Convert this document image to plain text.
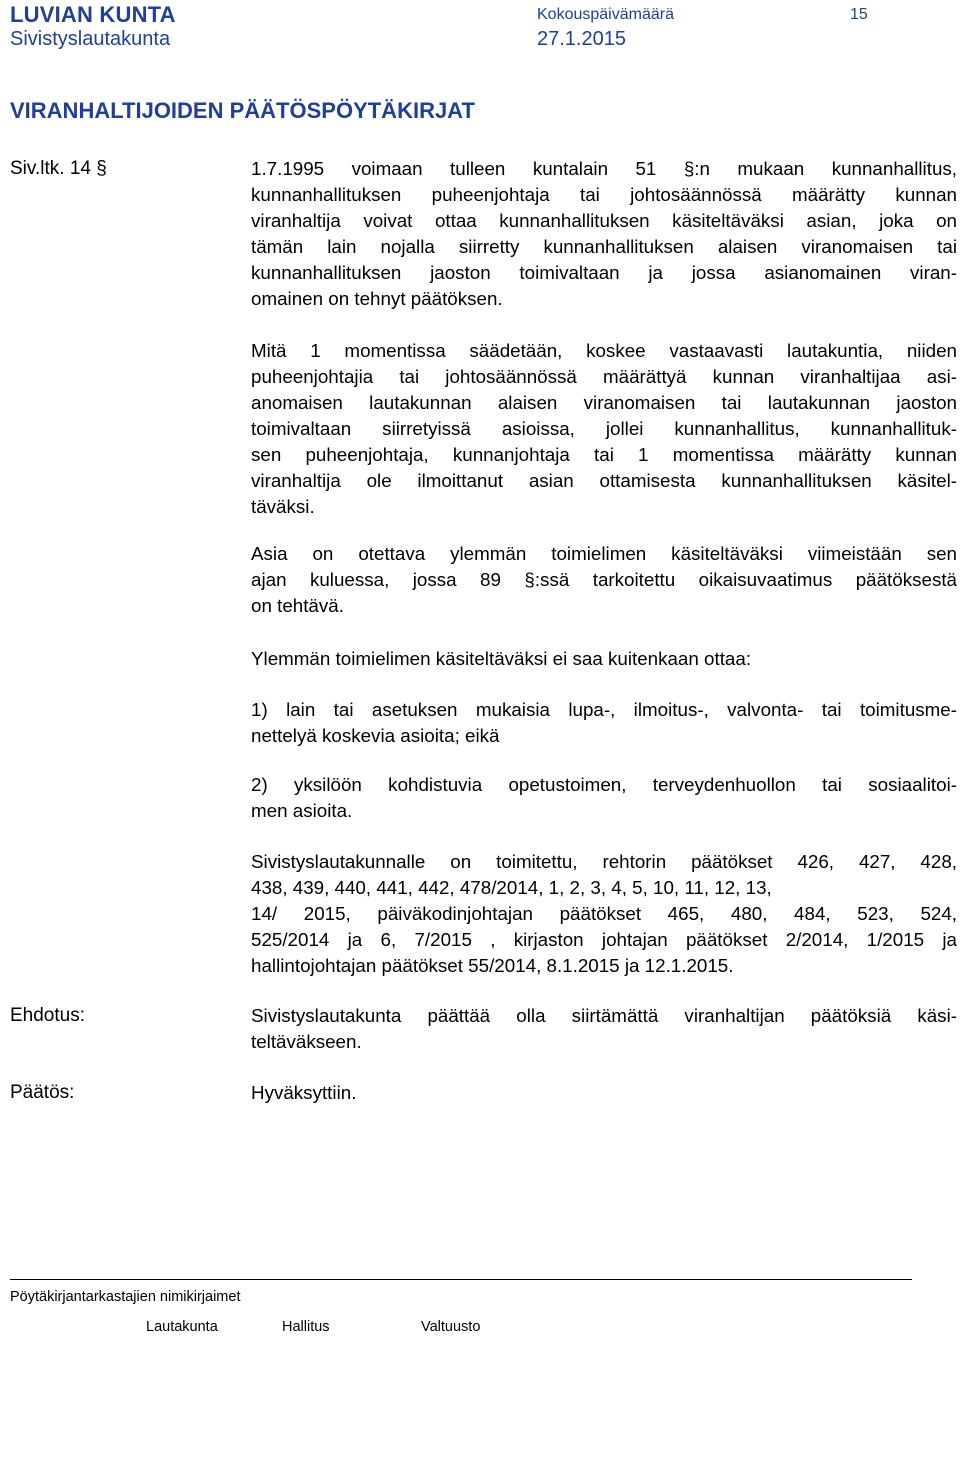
LUVIAN KUNTA
Sivistyslautakunta
Kokouspäivämäärä
27.1.2015
15
VIRANHALTIJOIDEN PÄÄTÖSPÖYTÄKIRJAT
Siv.ltk. 14 §
Ehdotus:
Päätös:
1.7.1995 voimaan tulleen kuntalain 51 §:n mukaan kunnanhallitus,
kunnanhallituksen puheenjohtaja tai johtosäännössä määrätty kunnan
viranhaltija voivat ottaa kunnanhallituksen käsiteltäväksi asian, joka on
tämän lain nojalla siirretty kunnanhallituksen alaisen viranomaisen tai
kunnanhallituksen jaoston toimivaltaan ja jossa asianomainen viran-
omainen on tehnyt päätöksen.
Mitä 1 momentissa säädetään, koskee vastaavasti lautakuntia, niiden
puheenjohtajia tai johtosäännössä määrättyä kunnan viranhaltijaa asi-
anomaisen lautakunnan alaisen viranomaisen tai lautakunnan jaoston
toimivaltaan siirretyissä asioissa, jollei kunnanhallitus, kunnanhallituk-
sen puheenjohtaja, kunnanjohtaja tai 1 momentissa määrätty kunnan
viranhaltija ole ilmoittanut asian ottamisesta kunnanhallituksen käsitel-
täväksi.
Asia on otettava ylemmän toimielimen käsiteltäväksi viimeistään sen
ajan kuluessa, jossa 89 §:ssä tarkoitettu oikaisuvaatimus päätöksestä
on tehtävä.
Ylemmän toimielimen käsiteltäväksi ei saa kuitenkaan ottaa:
1) lain tai asetuksen mukaisia lupa-, ilmoitus-, valvonta- tai toimitusme-
nettelyä koskevia asioita; eikä
2) yksilöön kohdistuvia opetustoimen, terveydenhuollon tai sosiaalitoi-
men asioita.
Sivistyslautakunnalle on toimitettu, rehtorin päätökset 426, 427, 428,
438, 439, 440, 441, 442, 478/2014, 1, 2, 3, 4, 5, 10, 11, 12, 13,
14/ 2015, päiväkodinjohtajan päätökset 465, 480, 484, 523, 524,
525/2014 ja 6, 7/2015 , kirjaston johtajan päätökset 2/2014, 1/2015 ja
hallintojohtajan päätökset 55/2014, 8.1.2015 ja 12.1.2015.
Sivistyslautakunta päättää olla siirtämättä viranhaltijan päätöksiä käsi-
teltäväkseen.
Hyväksyttiin.
Pöytäkirjantarkastajien nimikirjaimet
Lautakunta	Hallitus	Valtuusto
